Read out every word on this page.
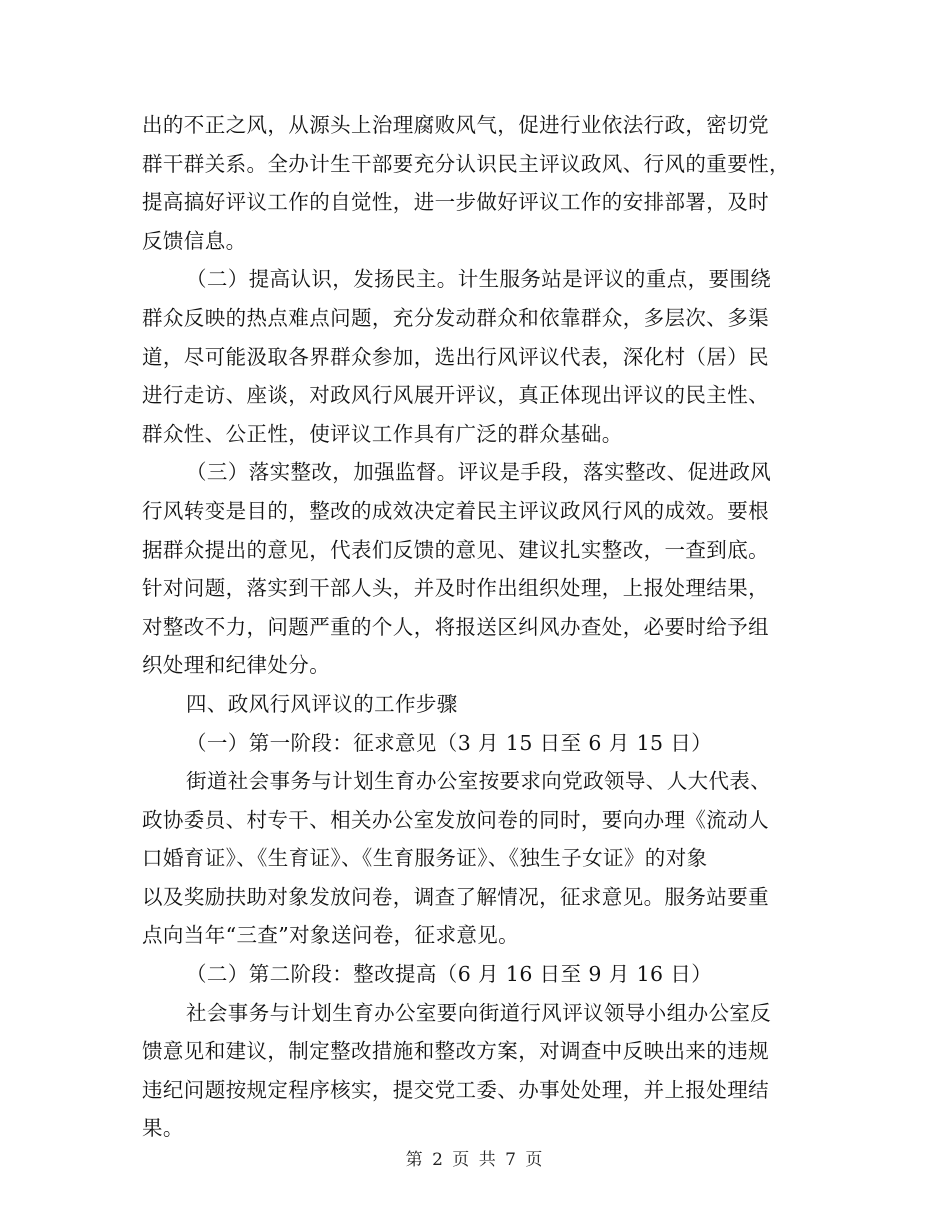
出的不正之风，从源头上治理腐败风气，促进行业依法行政，密切党
群干群关系。全办计生干部要充分认识民主评议政风、行风的重要性，
提高搞好评议工作的自觉性，进一步做好评议工作的安排部署，及时
反馈信息。
（二）提高认识，发扬民主。计生服务站是评议的重点，要围绕
群众反映的热点难点问题，充分发动群众和依靠群众，多层次、多渠
道，尽可能汲取各界群众参加，选出行风评议代表，深化村（居）民
进行走访、座谈，对政风行风展开评议，真正体现出评议的民主性、
群众性、公正性，使评议工作具有广泛的群众基础。
（三）落实整改，加强监督。评议是手段，落实整改、促进政风
行风转变是目的，整改的成效决定着民主评议政风行风的成效。要根
据群众提出的意见，代表们反馈的意见、建议扎实整改，一查到底。
针对问题，落实到干部人头，并及时作出组织处理，上报处理结果，
对整改不力，问题严重的个人，将报送区纠风办查处，必要时给予组
织处理和纪律处分。
四、政风行风评议的工作步骤
（一）第一阶段：征求意见（3 月 15 日至 6 月 15 日）
街道社会事务与计划生育办公室按要求向党政领导、人大代表、
政协委员、村专干、相关办公室发放问卷的同时，要向办理《流动人
口婚育证》、《生育证》、《生育服务证》、《独生子女证》的对象
以及奖励扶助对象发放问卷，调查了解情况，征求意见。服务站要重
点向当年“三查”对象送问卷，征求意见。
（二）第二阶段：整改提高（6 月 16 日至 9 月 16 日）
社会事务与计划生育办公室要向街道行风评议领导小组办公室反
馈意见和建议，制定整改措施和整改方案，对调查中反映出来的违规
违纪问题按规定程序核实，提交党工委、办事处处理，并上报处理结
果。
第 2 页 共 7 页
